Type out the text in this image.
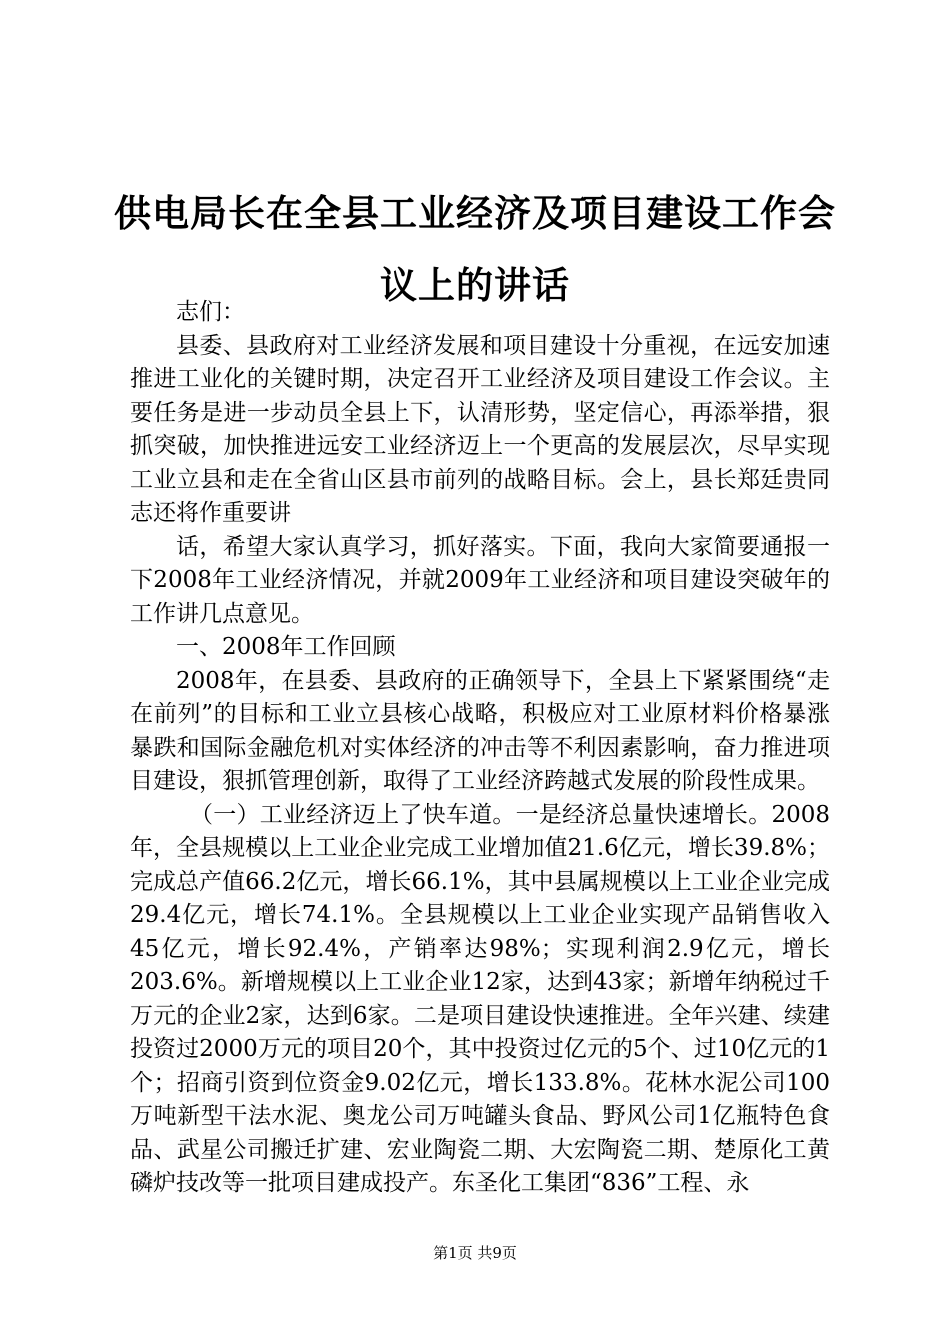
供电局长在全县工业经济及项目建设工作会议上的讲话

志们：

县委、县政府对工业经济发展和项目建设十分重视，在远安加速推进工业化的关键时期，决定召开工业经济及项目建设工作会议。主要任务是进一步动员全县上下，认清形势，坚定信心，再添举措，狠抓突破，加快推进远安工业经济迈上一个更高的发展层次，尽早实现工业立县和走在全省山区县市前列的战略目标。会上，县长郑廷贵同志还将作重要讲

话，希望大家认真学习，抓好落实。下面，我向大家简要通报一下2008年工业经济情况，并就2009年工业经济和项目建设突破年的工作讲几点意见。

一、2008年工作回顾

2008年，在县委、县政府的正确领导下，全县上下紧紧围绕“走在前列”的目标和工业立县核心战略，积极应对工业原材料价格暴涨暴跌和国际金融危机对实体经济的冲击等不利因素影响，奋力推进项目建设，狠抓管理创新，取得了工业经济跨越式发展的阶段性成果。

（一）工业经济迈上了快车道。一是经济总量快速增长。2008年，全县规模以上工业企业完成工业增加值21.6亿元，增长39.8%；完成总产值66.2亿元，增长66.1%，其中县属规模以上工业企业完成29.4亿元，增长74.1%。全县规模以上工业企业实现产品销售收入45亿元，增长92.4%，产销率达98%；实现利润2.9亿元，增长203.6%。新增规模以上工业企业12家，达到43家；新增年纳税过千万元的企业2家，达到6家。二是项目建设快速推进。全年兴建、续建投资过2000万元的项目20个，其中投资过亿元的5个、过10亿元的1个；招商引资到位资金9.02亿元，增长133.8%。花林水泥公司100万吨新型干法水泥、奥龙公司万吨罐头食品、野风公司1亿瓶特色食品、武星公司搬迁扩建、宏业陶瓷二期、大宏陶瓷二期、楚原化工黄磷炉技改等一批项目建成投产。东圣化工集团“836”工程、永

第1页 共9页
